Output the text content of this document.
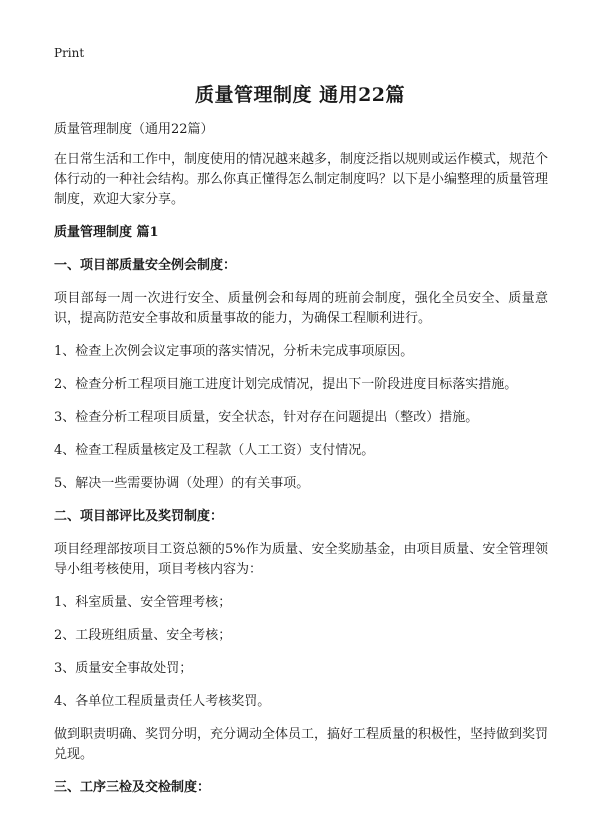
Print
质量管理制度 通用22篇

质量管理制度（通用22篇）

在日常生活和工作中，制度使用的情况越来越多，制度泛指以规则或运作模式，规范个体行动的一种社会结构。那么你真正懂得怎么制定制度吗？以下是小编整理的质量管理制度，欢迎大家分享。

质量管理制度 篇1
一、项目部质量安全例会制度：

项目部每一周一次进行安全、质量例会和每周的班前会制度，强化全员安全、质量意识，提高防范安全事故和质量事故的能力，为确保工程顺利进行。

1、检查上次例会议定事项的落实情况，分析未完成事项原因。

2、检查分析工程项目施工进度计划完成情况，提出下一阶段进度目标落实措施。

3、检查分析工程项目质量，安全状态，针对存在问题提出（整改）措施。

4、检查工程质量核定及工程款（人工工资）支付情况。

5、解决一些需要协调（处理）的有关事项。

二、项目部评比及奖罚制度：

项目经理部按项目工资总额的5%作为质量、安全奖励基金，由项目质量、安全管理领导小组考核使用，项目考核内容为：

1、科室质量、安全管理考核；

2、工段班组质量、安全考核；

3、质量安全事故处罚；

4、各单位工程质量责任人考核奖罚。

做到职责明确、奖罚分明，充分调动全体员工，搞好工程质量的积极性，坚持做到奖罚兑现。

三、工序三检及交检制度：
